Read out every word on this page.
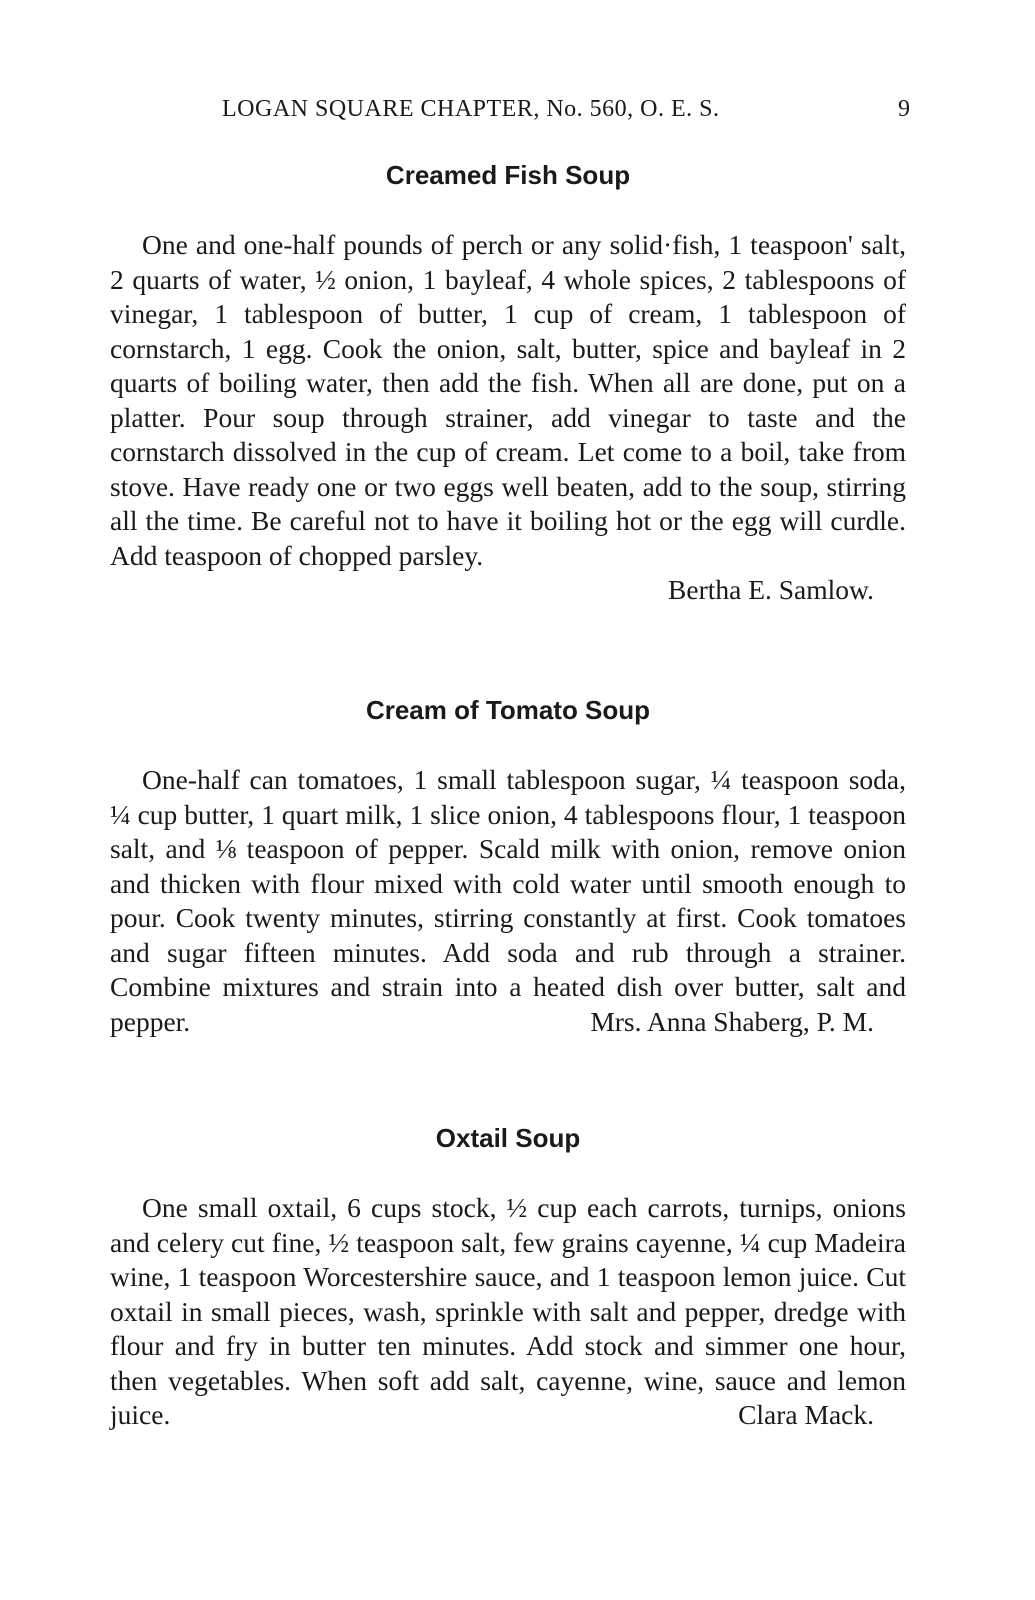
LOGAN SQUARE CHAPTER, No. 560, O. E. S.	9
Creamed Fish Soup

One and one-half pounds of perch or any solid·fish, 1 teaspoon' salt, 2 quarts of water, ½ onion, 1 bayleaf, 4 whole spices, 2 tablespoons of vinegar, 1 tablespoon of butter, 1 cup of cream, 1 tablespoon of cornstarch, 1 egg. Cook the onion, salt, butter, spice and bayleaf in 2 quarts of boiling water, then add the fish. When all are done, put on a platter. Pour soup through strainer, add vinegar to taste and the cornstarch dissolved in the cup of cream. Let come to a boil, take from stove. Have ready one or two eggs well beaten, add to the soup, stirring all the time. Be careful not to have it boiling hot or the egg will curdle. Add teaspoon of chopped parsley.

Bertha E. Samlow.

Cream of Tomato Soup

One-half can tomatoes, 1 small tablespoon sugar, ¼ teaspoon soda, ¼ cup butter, 1 quart milk, 1 slice onion, 4 tablespoons flour, 1 teaspoon salt, and ⅛ teaspoon of pepper. Scald milk with onion, remove onion and thicken with flour mixed with cold water until smooth enough to pour. Cook twenty minutes, stirring constantly at first. Cook tomatoes and sugar fifteen minutes. Add soda and rub through a strainer. Combine mixtures and strain into a heated dish over butter, salt and pepper.	Mrs. Anna Shaberg, P. M.

Oxtail Soup

One small oxtail, 6 cups stock, ½ cup each carrots, turnips, onions and celery cut fine, ½ teaspoon salt, few grains cayenne, ¼ cup Madeira wine, 1 teaspoon Worcestershire sauce, and 1 teaspoon lemon juice. Cut oxtail in small pieces, wash, sprinkle with salt and pepper, dredge with flour and fry in butter ten minutes. Add stock and simmer one hour, then vegetables. When soft add salt, cayenne, wine, sauce and lemon juice.	Clara Mack.
